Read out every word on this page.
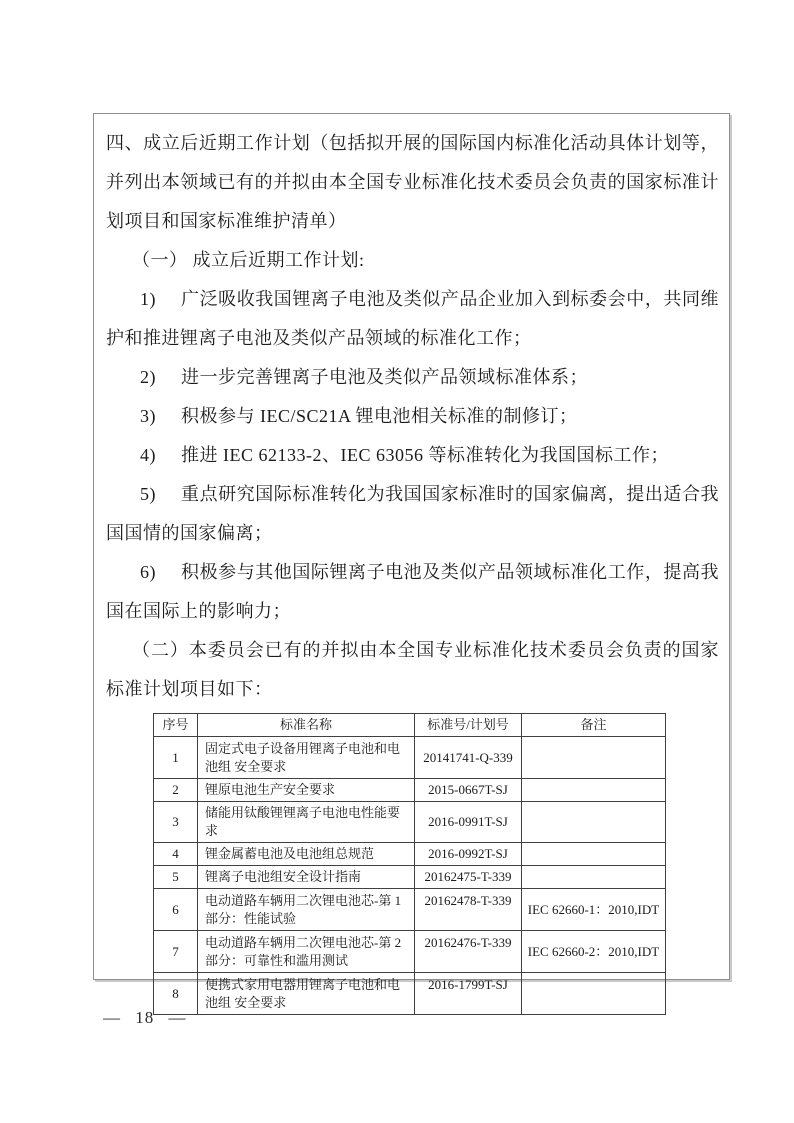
四、成立后近期工作计划（包括拟开展的国际国内标准化活动具体计划等，并列出本领域已有的并拟由本全国专业标准化技术委员会负责的国家标准计划项目和国家标准维护清单）

（一） 成立后近期工作计划:

1) 广泛吸收我国锂离子电池及类似产品企业加入到标委会中，共同维护和推进锂离子电池及类似产品领域的标准化工作；

2) 进一步完善锂离子电池及类似产品领域标准体系；

3) 积极参与 IEC/SC21A 锂电池相关标准的制修订；

4) 推进 IEC 62133-2、IEC 63056 等标准转化为我国国标工作；

5) 重点研究国际标准转化为我国国家标准时的国家偏离，提出适合我国国情的国家偏离；

6) 积极参与其他国际锂离子电池及类似产品领域标准化工作，提高我国在国际上的影响力；

（二）本委员会已有的并拟由本全国专业标准化技术委员会负责的国家标准计划项目如下：

序号	标准名称	标准号/计划号	备注
1	固定式电子设备用锂离子电池和电池组 安全要求	20141741-Q-339	
2	锂原电池生产安全要求	2015-0667T-SJ	
3	储能用钛酸锂锂离子电池电性能要求	2016-0991T-SJ	
4	锂金属蓄电池及电池组总规范	2016-0992T-SJ	
5	锂离子电池组安全设计指南	20162475-T-339	
6	电动道路车辆用二次锂电池芯-第 1 部分：性能试验	20162478-T-339	IEC 62660-1：2010,IDT
7	电动道路车辆用二次锂电池芯-第 2 部分：可靠性和滥用测试	20162476-T-339	IEC 62660-2：2010,IDT
8	便携式家用电器用锂离子电池和电池组 安全要求	2016-1799T-SJ	
— 18 —
